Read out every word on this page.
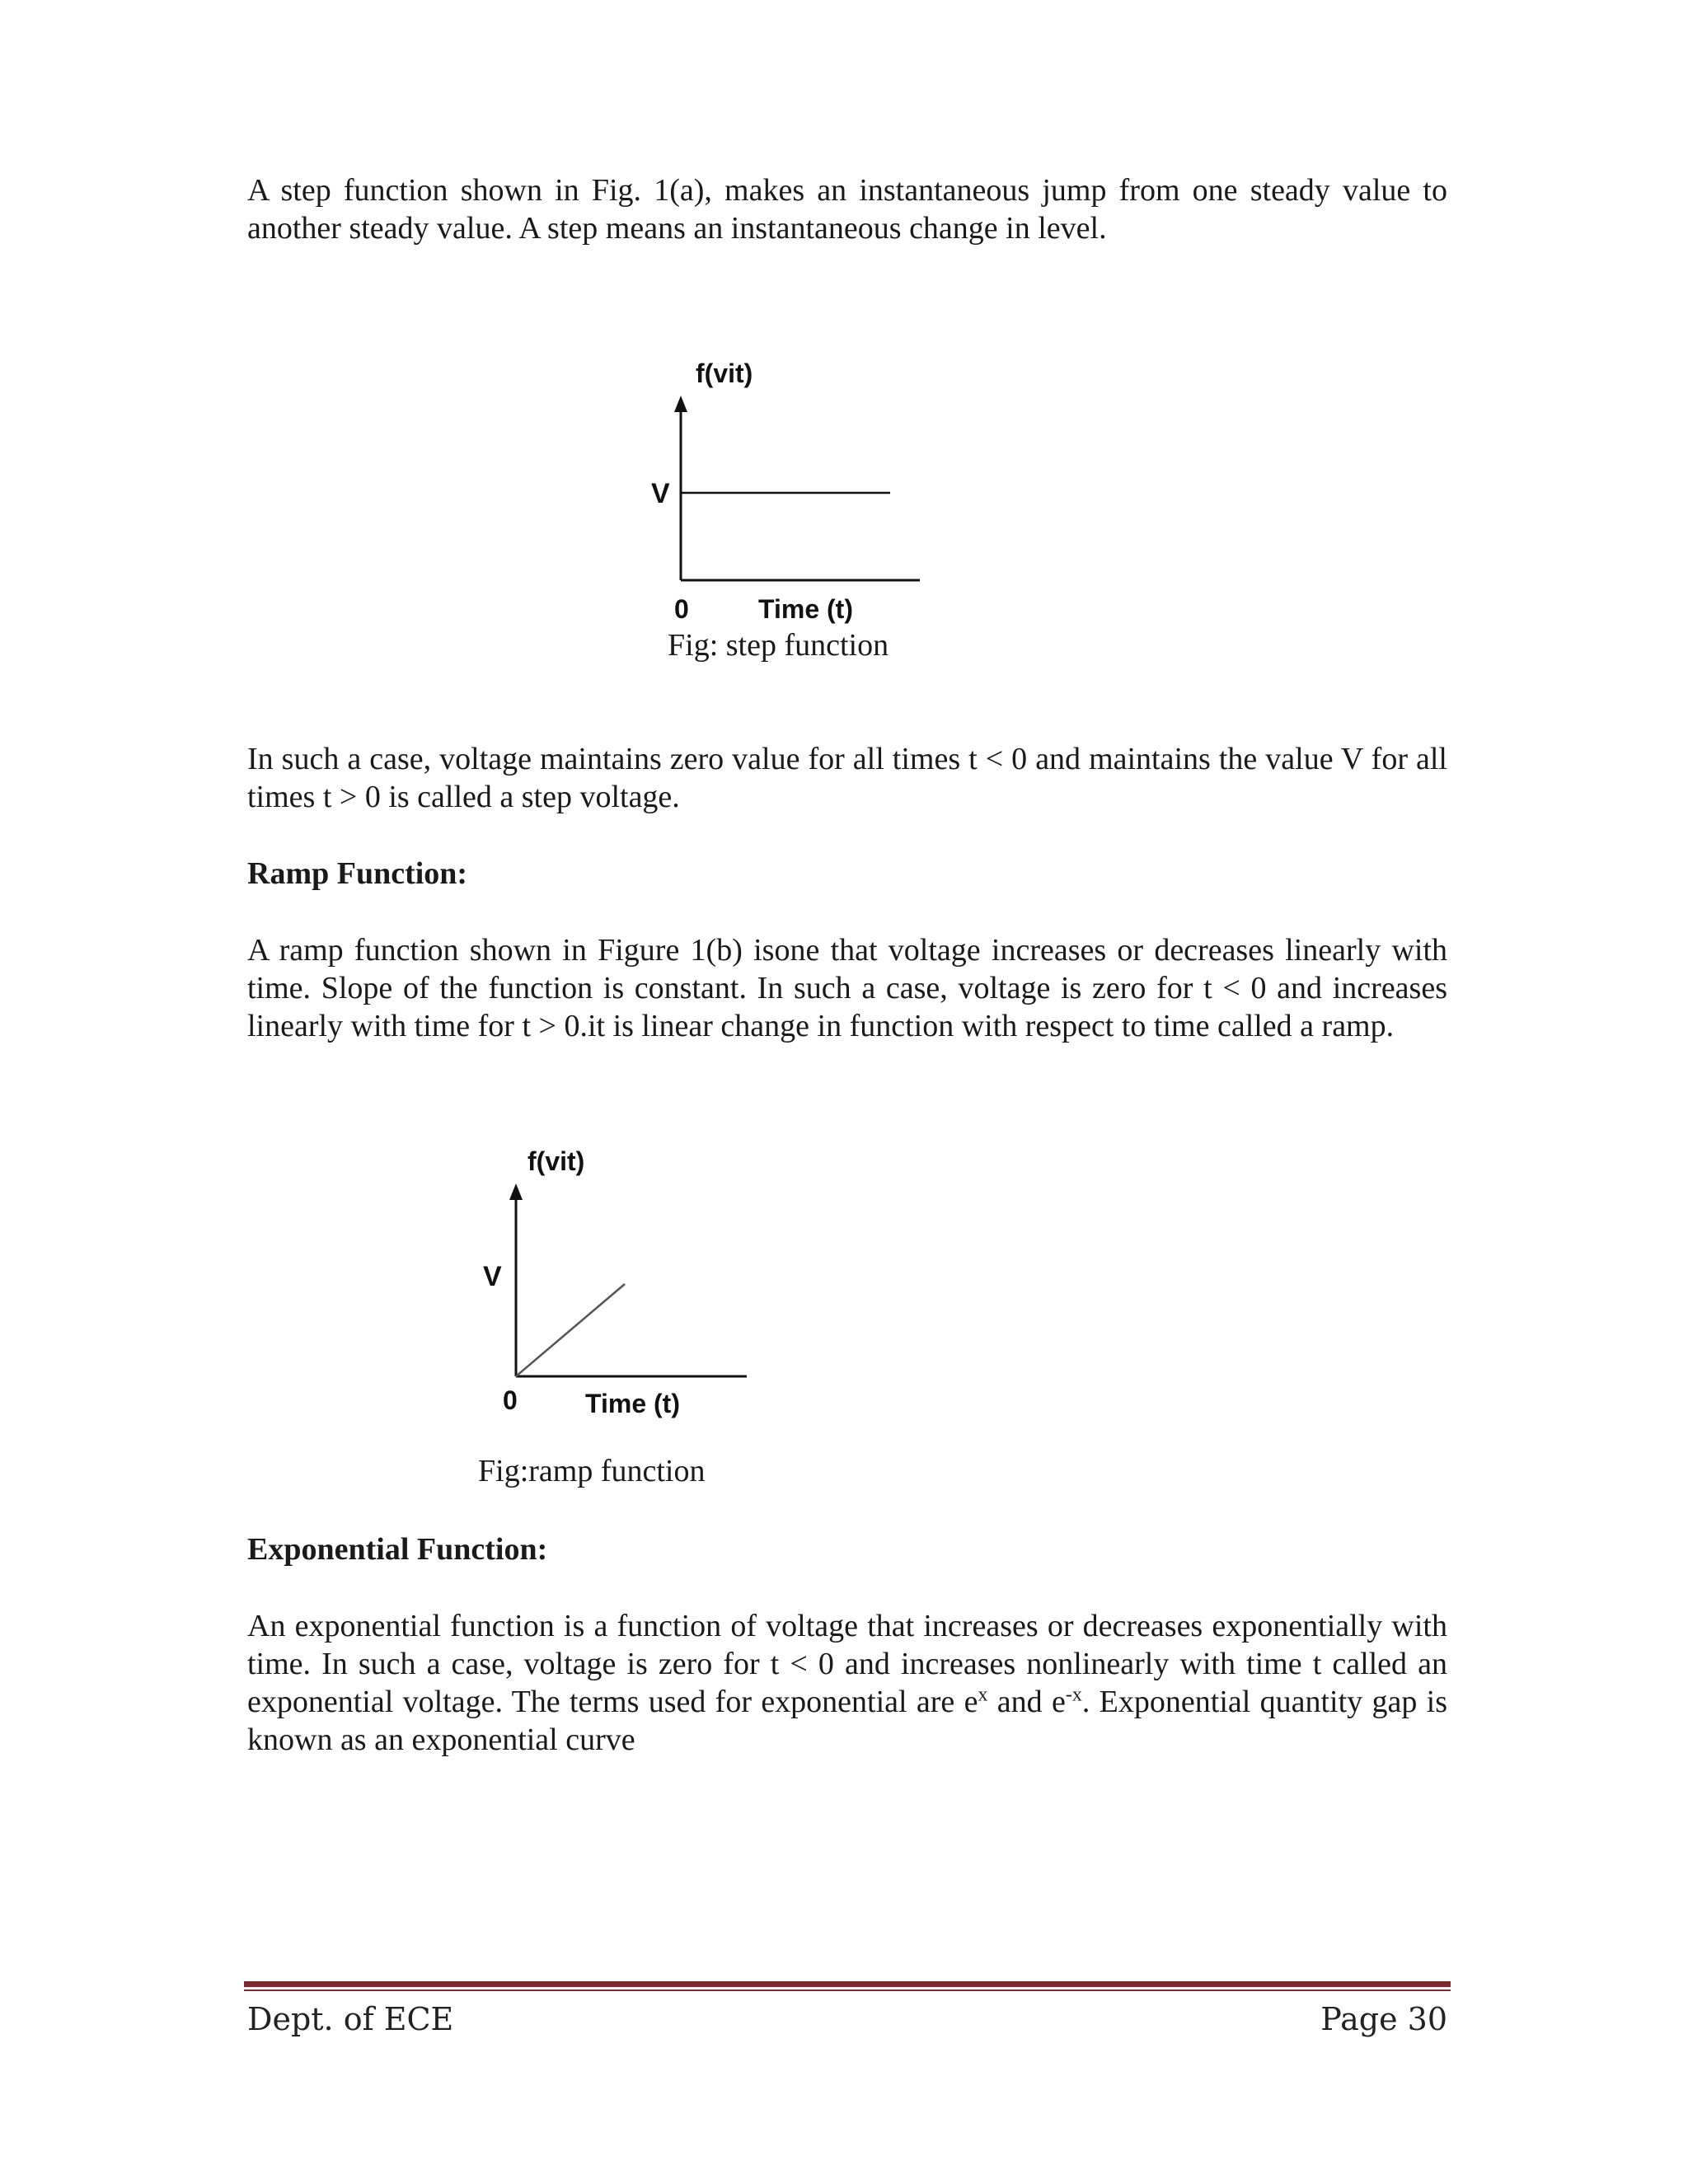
A step function shown in Fig. 1(a), makes an instantaneous jump from one steady value to another steady value. A step means an instantaneous change in level.

f(vit)
V
0	Time (t)

Fig: step function

In such a case, voltage maintains zero value for all times t < 0 and maintains the value V for all times t > 0 is called a step voltage.

Ramp Function:

A ramp function shown in Figure 1(b) isone that voltage increases or decreases linearly with time. Slope of the function is constant. In such a case, voltage is zero for t < 0 and increases linearly with time for t > 0.it is linear change in function with respect to time called a ramp.

f(vit)
V
0	Time (t)

Fig:ramp function

Exponential Function:

An exponential function is a function of voltage that increases or decreases exponentially with time. In such a case, voltage is zero for t < 0 and increases nonlinearly with time t called an exponential voltage. The terms used for exponential are $e^x$ and $e^{-x}$. Exponential quantity gap is known as an exponential curve

Dept. of ECE	Page 30
